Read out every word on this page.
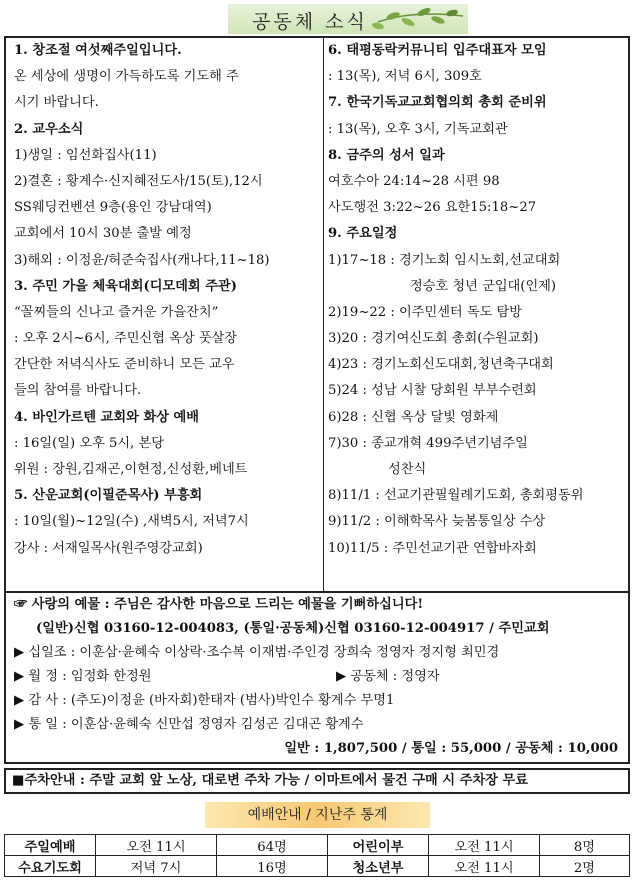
공동체 소식
1. 창조절 여섯째주일입니다.
온 세상에 생명이 가득하도록 기도해 주
시기 바랍니다.
2. 교우소식
1)생일 : 임선화집사(11)
2)결혼 : 황계수·신지혜전도사/15(토),12시
SS웨딩컨벤션 9층(용인 강남대역)
교회에서 10시 30분 출발 예정
3)해외 : 이정윤/허준숙집사(캐나다,11~18)
3. 주민 가을 체육대회(디모데회 주관)
“꼴찌들의 신나고 즐거운 가을잔치”
: 오후 2시~6시, 주민신협 옥상 풋살장
간단한 저녁식사도 준비하니 모든 교우
들의 참여를 바랍니다.
4. 바인가르텐 교회와 화상 예배
: 16일(일) 오후 5시, 본당
위원 : 장원,김재곤,이현정,신성환,베네트
5. 산운교회(이필준목사) 부흥회
: 10일(월)~12일(수) ,새벽5시, 저녁7시
강사 : 서재일목사(원주영강교회)
6. 태평동락커뮤니티 입주대표자 모임
: 13(목), 저녁 6시, 309호
7. 한국기독교교회협의회 총회 준비위
: 13(목), 오후 3시, 기독교회관
8. 금주의 성서 일과
여호수아 24:14~28 시편 98
사도행전 3:22~26 요한15:18~27
9. 주요일정
1)17~18 : 경기노회 임시노회,선교대회
정승호 청년 군입대(인제)
2)19~22 : 이주민센터 독도 탐방
3)20 : 경기여신도회 총회(수원교회)
4)23 : 경기노회신도대회,청년축구대회
5)24 : 성남 시찰 당회원 부부수련회
6)28 : 신협 옥상 달빛 영화제
7)30 : 종교개혁 499주년기념주일
성찬식
8)11/1 : 선교기관필월례기도회, 총회평동위
9)11/2 : 이해학목사 늦봄통일상 수상
10)11/5 : 주민선교기관 연합바자회
☞ 사랑의 예물 : 주님은 감사한 마음으로 드리는 예물을 기뻐하십니다!
(일반)신협 03160-12-004083, (통일·공동체)신협 03160-12-004917 / 주민교회
▶ 십일조 : 이훈삼·윤혜숙 이상락·조수복 이재범·주인경 장희숙 정영자 정지형 최민경
▶ 월 정 : 임정화 한정원	▶ 공동체 : 정영자
▶ 감 사 : (추도)이정윤 (바자회)한태자 (범사)박인수 황계수 무명1
▶ 통 일 : 이훈삼·윤혜숙 신만섭 정영자 김성곤 김대곤 황계수
일반 : 1,807,500 / 통일 : 55,000 / 공동체 : 10,000
■주차안내 : 주말 교회 앞 노상, 대로변 주차 가능 / 이마트에서 물건 구매 시 주차장 무료
예배안내 / 지난주 통계
주일예배	오전 11시	64명	어린이부	오전 11시	8명
수요기도회	저녁 7시	16명	청소년부	오전 11시	2명
